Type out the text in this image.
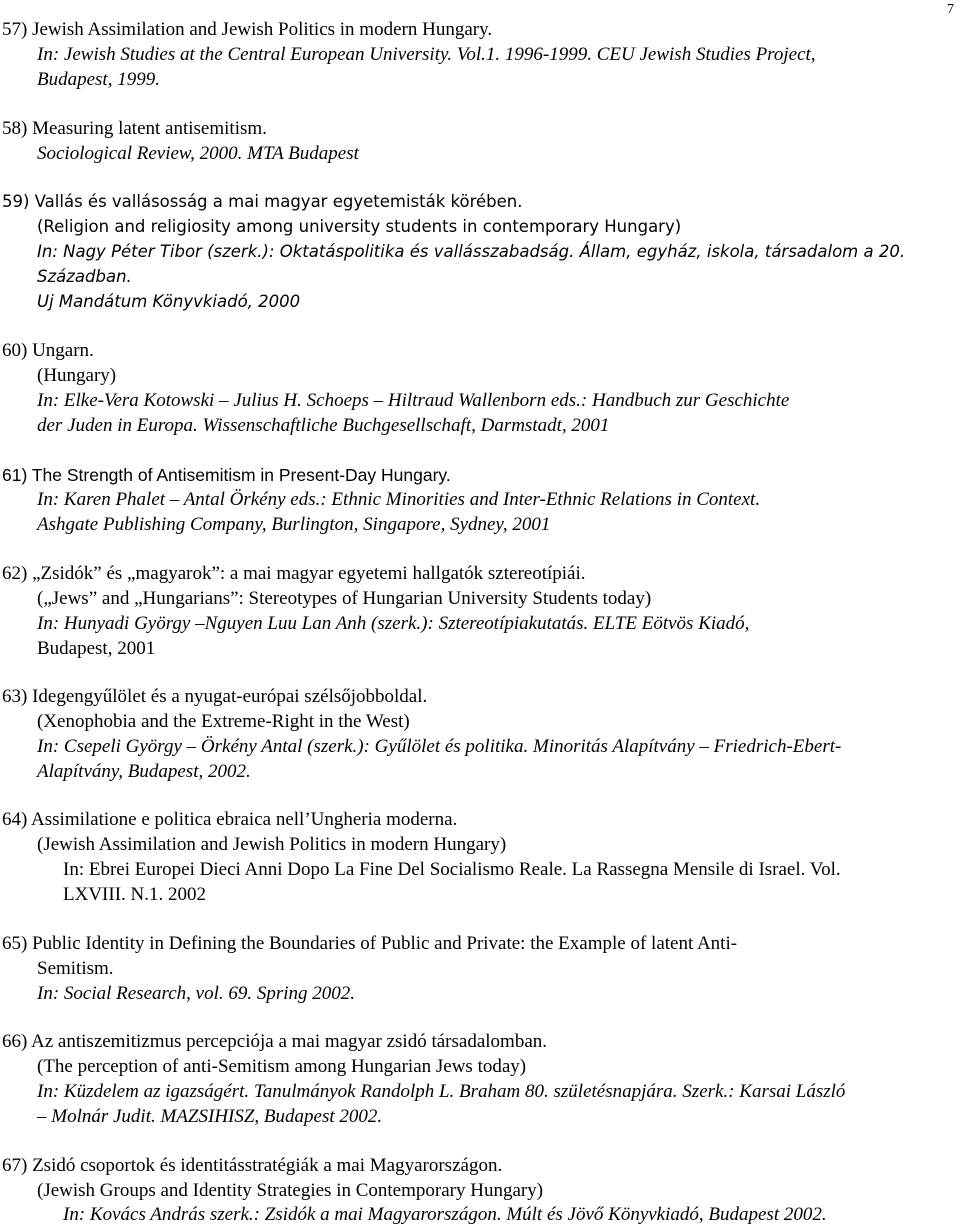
7
57) Jewish Assimilation and Jewish Politics in modern Hungary.
In: Jewish Studies at the Central European University. Vol.1. 1996-1999. CEU Jewish Studies Project,
Budapest, 1999.
58) Measuring latent antisemitism.
Sociological Review, 2000. MTA Budapest
59) Vallás és vallásosság a mai magyar egyetemisták körében.
(Religion and religiosity among university students in contemporary Hungary)
In: Nagy Péter Tibor (szerk.): Oktatáspolitika és vallásszabadság. Állam, egyház, iskola, társadalom a 20.
Században.
Uj Mandátum Könyvkiadó, 2000
60) Ungarn.
(Hungary)
In: Elke-Vera Kotowski – Julius H. Schoeps – Hiltraud Wallenborn eds.: Handbuch zur Geschichte
der Juden in Europa. Wissenschaftliche Buchgesellschaft, Darmstadt, 2001
61) The Strength of Antisemitism in Present-Day Hungary.
In: Karen Phalet – Antal Örkény eds.: Ethnic Minorities and Inter-Ethnic Relations in Context.
Ashgate Publishing Company, Burlington, Singapore, Sydney, 2001
62) „Zsidók” és „magyarok”: a mai magyar egyetemi hallgatók sztereotípiái.
(„Jews” and „Hungarians”: Stereotypes of Hungarian University Students today)
In: Hunyadi György –Nguyen Luu Lan Anh (szerk.): Sztereotípiakutatás. ELTE Eötvös Kiadó,
Budapest, 2001
63) Idegengyűlölet és a nyugat-európai szélsőjobboldal.
(Xenophobia and the Extreme-Right in the West)
In: Csepeli György – Örkény Antal (szerk.): Gyűlölet és politika. Minoritás Alapítvány – Friedrich-Ebert-
Alapítvány, Budapest, 2002.
64) Assimilatione e politica ebraica nell’Ungheria moderna.
(Jewish Assimilation and Jewish Politics in modern Hungary)
In: Ebrei Europei Dieci Anni Dopo La Fine Del Socialismo Reale. La Rassegna Mensile di Israel. Vol.
LXVIII. N.1. 2002
65) Public Identity in Defining the Boundaries of Public and Private: the Example of latent Anti-
Semitism.
In: Social Research, vol. 69. Spring 2002.
66) Az antiszemitizmus percepciója a mai magyar zsidó társadalomban.
(The perception of anti-Semitism among Hungarian Jews today)
In: Küzdelem az igazságért. Tanulmányok Randolph L. Braham 80. születésnapjára. Szerk.: Karsai László
– Molnár Judit. MAZSIHISZ, Budapest 2002.
67) Zsidó csoportok és identitásstratégiák a mai Magyarországon.
(Jewish Groups and Identity Strategies in Contemporary Hungary)
In: Kovács András szerk.: Zsidók a mai Magyarországon. Múlt és Jövő Könyvkiadó, Budapest 2002.
